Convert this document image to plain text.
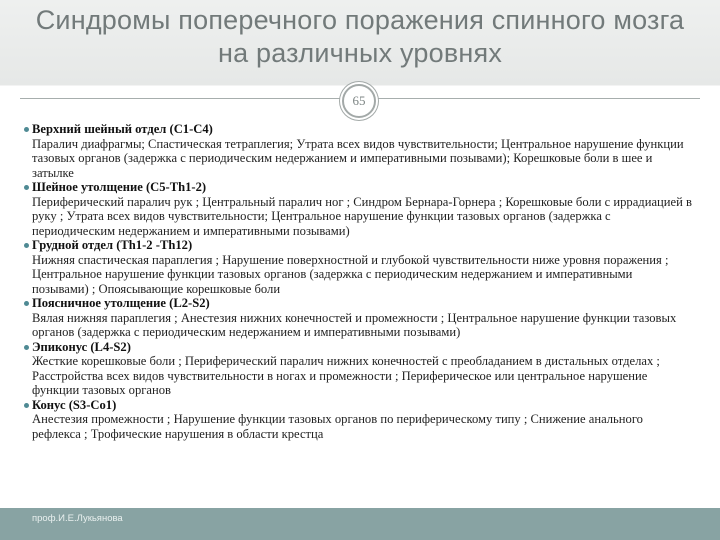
Синдромы поперечного поражения спинного мозга на различных уровнях
65
Верхний шейный отдел (С1-С4)
Паралич диафрагмы; Спастическая тетраплегия; Утрата всех видов чувствительности; Центральное нарушение функции тазовых органов (задержка с периодическим недержанием и императивными позывами); Корешковые боли в шее и затылке
Шейное утолщение (С5-Th1-2)
Периферический паралич рук ; Центральный паралич ног ; Синдром Бернара-Горнера ; Корешковые боли с иррадиацией в руку ; Утрата всех видов чувствительности; Центральное нарушение функции тазовых органов (задержка с периодическим недержанием и императивными позывами)
Грудной отдел (Th1-2 -Th12)
Нижняя спастическая параплегия ; Нарушение поверхностной и глубокой чувствительности ниже уровня поражения ; Центральное нарушение функции тазовых органов (задержка с периодическим недержанием и императивными позывами) ; Опоясывающие корешковые боли
Поясничное утолщение (L2-S2)
Вялая нижняя параплегия ; Анестезия нижних конечностей и промежности ; Центральное нарушение функции тазовых органов (задержка с периодическим недержанием и императивными позывами)
Эпиконус (L4-S2)
Жесткие корешковые боли ; Периферический паралич нижних конечностей с преобладанием в дистальных отделах ; Расстройства всех видов чувствительности в ногах и промежности ; Периферическое или центральное нарушение функции тазовых органов
Конус (S3-Co1)
Анестезия промежности ; Нарушение функции тазовых органов по периферическому типу ; Снижение анального рефлекса ; Трофические нарушения в области крестца
проф.И.Е.Лукьянова
